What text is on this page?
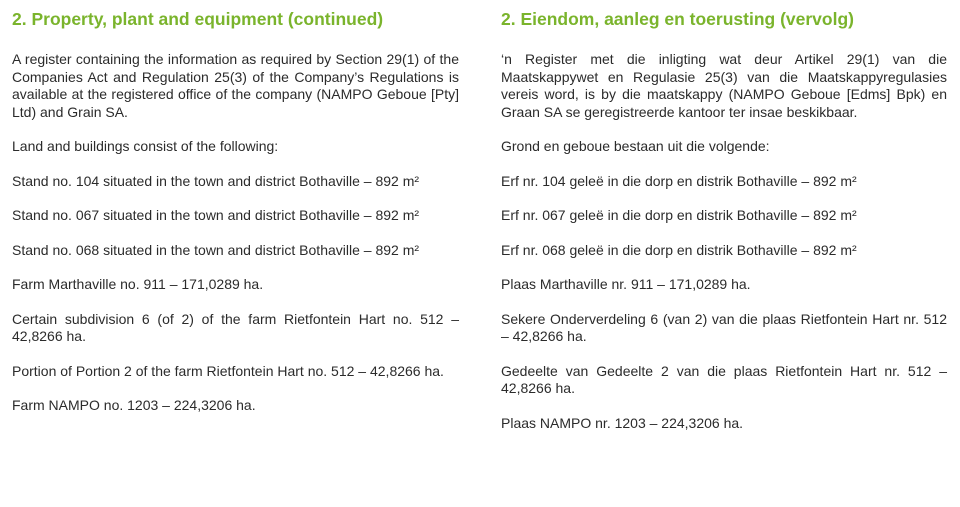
2. Property, plant and equipment (continued)
A register containing the information as required by Section 29(1) of the Companies Act and Regulation 25(3) of the Company’s Regulations is available at the registered office of the company (NAMPO Geboue [Pty] Ltd) and Grain SA.
Land and buildings consist of the following:
Stand no. 104 situated in the town and district Bothaville – 892 m²
Stand no. 067 situated in the town and district Bothaville – 892 m²
Stand no. 068 situated in the town and district Bothaville – 892 m²
Farm Marthaville no. 911 – 171,0289 ha.
Certain subdivision 6 (of 2) of the farm Rietfontein Hart no. 512 – 42,8266 ha.
Portion of Portion 2 of the farm Rietfontein Hart no. 512 – 42,8266 ha.
Farm NAMPO no. 1203 – 224,3206 ha.
2. Eiendom, aanleg en toerusting (vervolg)
‘n Register met die inligting wat deur Artikel 29(1) van die Maatskappywet en Regulasie 25(3) van die Maatskappyregulasies vereis word, is by die maatskappy (NAMPO Geboue [Edms] Bpk) en Graan SA se geregistreerde kantoor ter insae beskikbaar.
Grond en geboue bestaan uit die volgende:
Erf nr. 104 geleë in die dorp en distrik Bothaville – 892 m²
Erf nr. 067 geleë in die dorp en distrik Bothaville – 892 m²
Erf nr. 068 geleë in die dorp en distrik Bothaville – 892 m²
Plaas Marthaville nr. 911 – 171,0289 ha.
Sekere Onderverdeling 6 (van 2) van die plaas Rietfontein Hart nr. 512 – 42,8266 ha.
Gedeelte van Gedeelte 2 van die plaas Rietfontein Hart nr. 512 – 42,8266 ha.
Plaas NAMPO nr. 1203 – 224,3206 ha.
